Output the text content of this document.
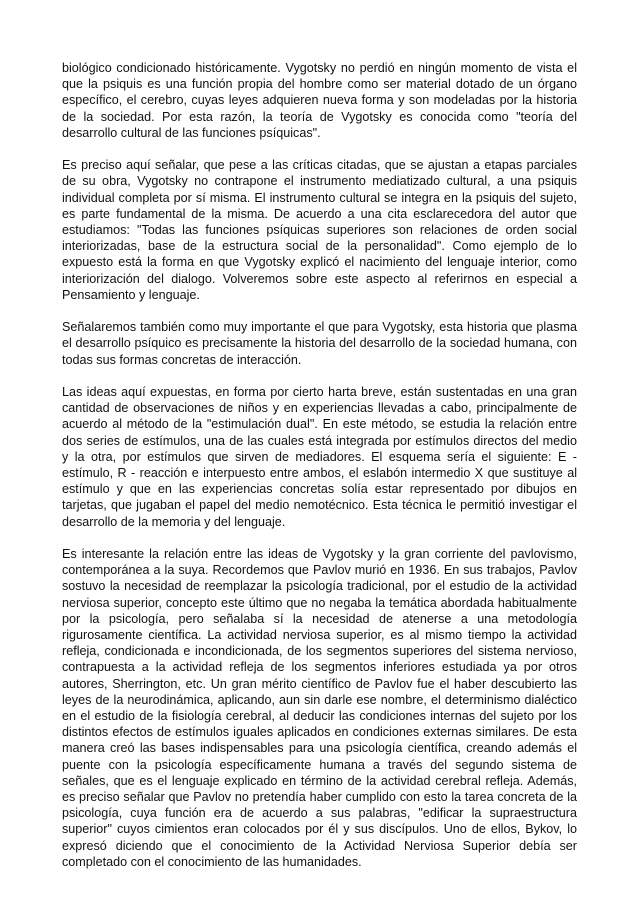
biológico condicionado históricamente. Vygotsky no perdió en ningún momento de vista el que la psiquis es una función propia del hombre como ser material dotado de un órgano específico, el cerebro, cuyas leyes adquieren nueva forma y son modeladas por la historia de la sociedad. Por esta razón, la teoría de Vygotsky es conocida como "teoría del desarrollo cultural de las funciones psíquicas".

Es preciso aquí señalar, que pese a las críticas citadas, que se ajustan a etapas parciales de su obra, Vygotsky no contrapone el instrumento mediatizado cultural, a una psiquis individual completa por sí misma. El instrumento cultural se integra en la psiquis del sujeto, es parte fundamental de la misma. De acuerdo a una cita esclarecedora del autor que estudiamos: "Todas las funciones psíquicas superiores son relaciones de orden social interiorizadas, base de la estructura social de la personalidad". Como ejemplo de lo expuesto está la forma en que Vygotsky explicó el nacimiento del lenguaje interior, como interiorización del dialogo. Volveremos sobre este aspecto al referirnos en especial a Pensamiento y lenguaje.

Señalaremos también como muy importante el que para Vygotsky, esta historia que plasma el desarrollo psíquico es precisamente la historia del desarrollo de la sociedad humana, con todas sus formas concretas de interacción.

Las ideas aquí expuestas, en forma por cierto harta breve, están sustentadas en una gran cantidad de observaciones de niños y en experiencias llevadas a cabo, principalmente de acuerdo al método de la "estimulación dual". En este método, se estudia la relación entre dos series de estímulos, una de las cuales está integrada por estímulos directos del medio y la otra, por estímulos que sirven de mediadores. El esquema sería el siguiente: E - estímulo, R - reacción e interpuesto entre ambos, el eslabón intermedio X que sustituye al estímulo y que en las experiencias concretas solía estar representado por dibujos en tarjetas, que jugaban el papel del medio nemotécnico. Esta técnica le permitió investigar el desarrollo de la memoria y del lenguaje.

Es interesante la relación entre las ideas de Vygotsky y la gran corriente del pavlovismo, contemporánea a la suya. Recordemos que Pavlov murió en 1936. En sus trabajos, Pavlov sostuvo la necesidad de reemplazar la psicología tradicional, por el estudio de la actividad nerviosa superior, concepto este último que no negaba la temática abordada habitualmente por la psicología, pero señalaba sí la necesidad de atenerse a una metodología rigurosamente científica. La actividad nerviosa superior, es al mismo tiempo la actividad refleja, condicionada e incondicionada, de los segmentos superiores del sistema nervioso, contrapuesta a la actividad refleja de los segmentos inferiores estudiada ya por otros autores, Sherrington, etc. Un gran mérito científico de Pavlov fue el haber descubierto las leyes de la neurodinámica, aplicando, aun sin darle ese nombre, el determinismo dialéctico en el estudio de la fisiología cerebral, al deducir las condiciones internas del sujeto por los distintos efectos de estímulos iguales aplicados en condiciones externas similares. De esta manera creó las bases indispensables para una psicología científica, creando además el puente con la psicología específicamente humana a través del segundo sistema de señales, que es el lenguaje explicado en término de la actividad cerebral refleja. Además, es preciso señalar que Pavlov no pretendía haber cumplido con esto la tarea concreta de la psicología, cuya función era de acuerdo a sus palabras, "edificar la supraestructura superior" cuyos cimientos eran colocados por él y sus discípulos. Uno de ellos, Bykov, lo expresó diciendo que el conocimiento de la Actividad Nerviosa Superior debía ser completado con el conocimiento de las humanidades.
